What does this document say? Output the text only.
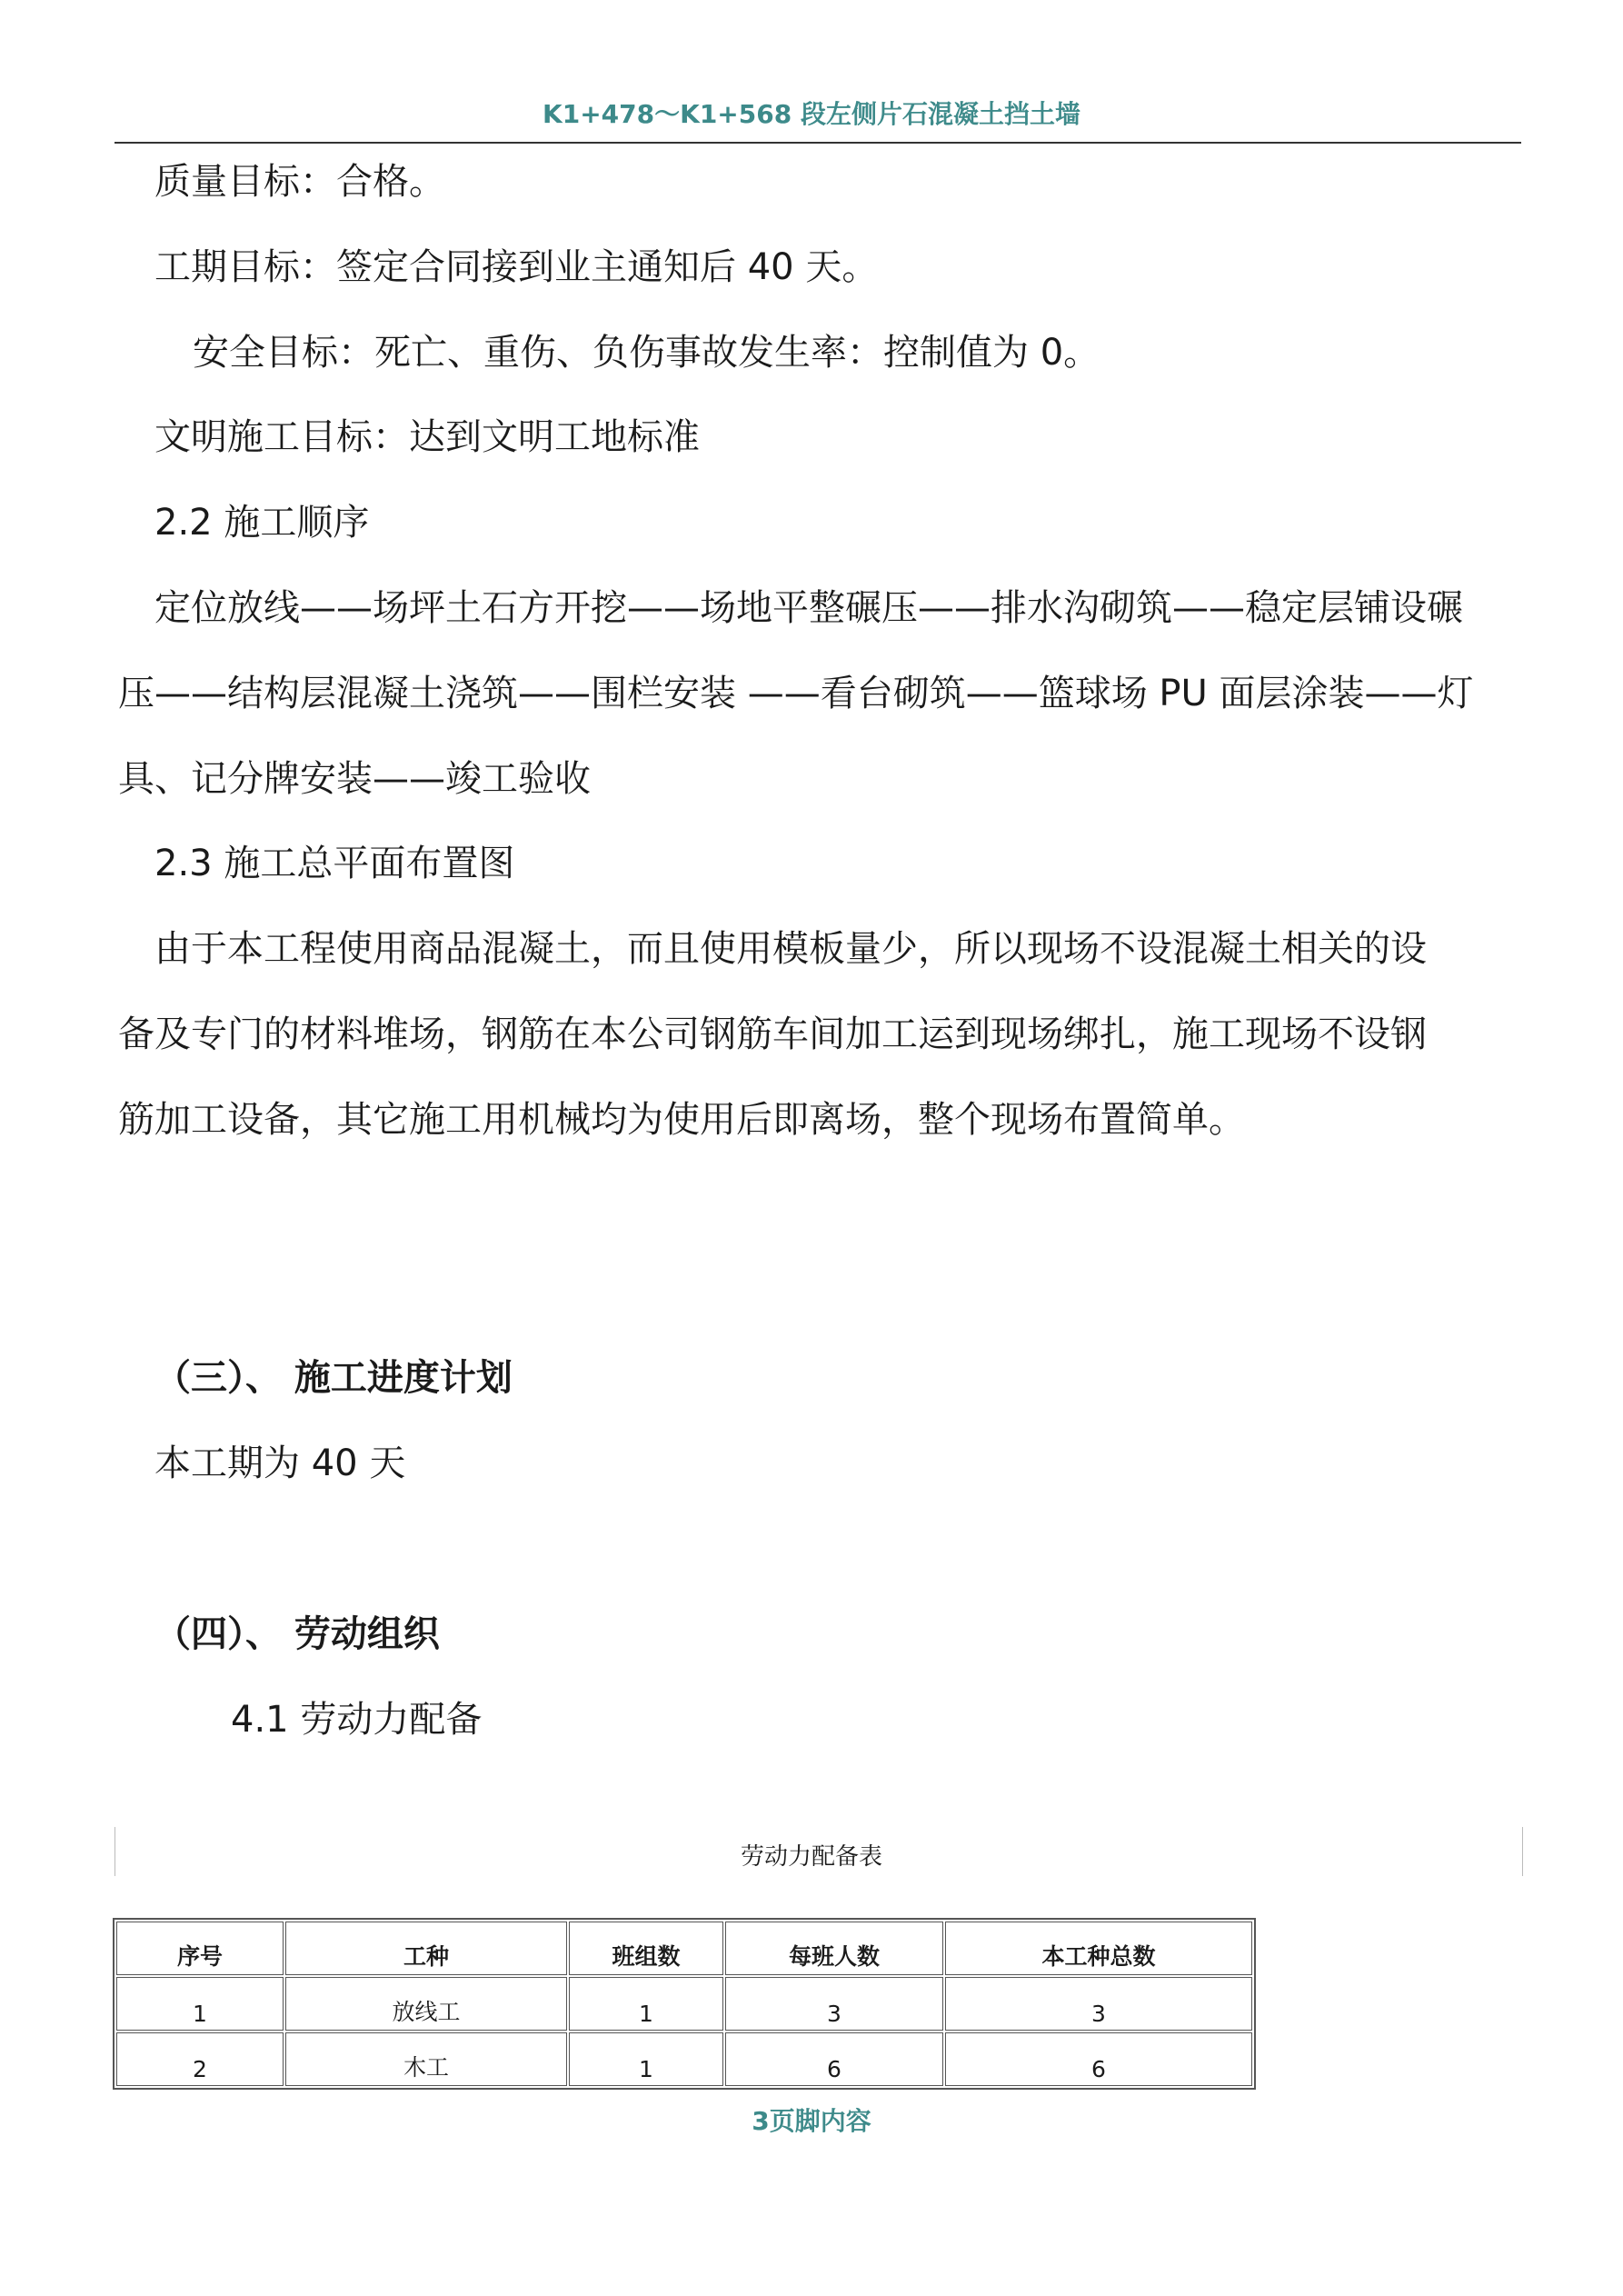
K1+478～K1+568 段左侧片石混凝土挡土墙
质量目标：合格。
工期目标：签定合同接到业主通知后 40 天。
安全目标：死亡、重伤、负伤事故发生率：控制值为 0。
文明施工目标：达到文明工地标准
2.2 施工顺序
定位放线——场坪土石方开挖——场地平整碾压——排水沟砌筑——稳定层铺设碾
压——结构层混凝土浇筑——围栏安装 ——看台砌筑——篮球场 PU 面层涂装——灯
具、记分牌安装——竣工验收
2.3 施工总平面布置图
由于本工程使用商品混凝土，而且使用模板量少，所以现场不设混凝土相关的设
备及专门的材料堆场，钢筋在本公司钢筋车间加工运到现场绑扎，施工现场不设钢
筋加工设备，其它施工用机械均为使用后即离场，整个现场布置简单。
（三）、 施工进度计划
本工期为 40 天
（四）、 劳动组织
4.1 劳动力配备
劳动力配备表
序号	工种	班组数	每班人数	本工种总数
1	放线工	1	3	3
2	木工	1	6	6
3页脚内容
